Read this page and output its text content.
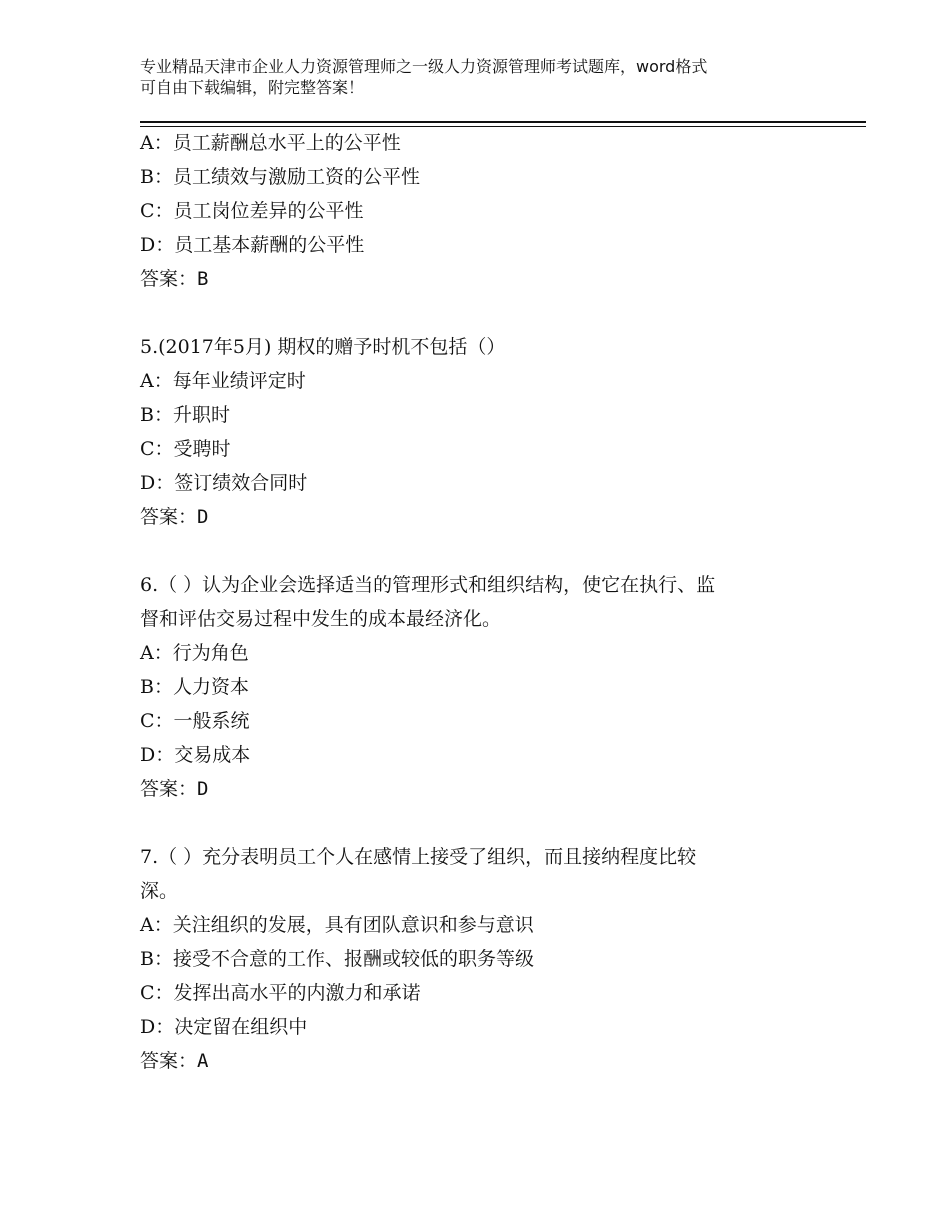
专业精品天津市企业人力资源管理师之一级人力资源管理师考试题库，word格式
可自由下载编辑，附完整答案！
A：员工薪酬总水平上的公平性
B：员工绩效与激励工资的公平性
C：员工岗位差异的公平性
D：员工基本薪酬的公平性
答案：B
5.(2017年5月) 期权的赠予时机不包括（）
A：每年业绩评定时
B：升职时
C：受聘时
D：签订绩效合同时
答案：D
6.（ ）认为企业会选择适当的管理形式和组织结构，使它在执行、监
督和评估交易过程中发生的成本最经济化。
A：行为角色
B：人力资本
C：一般系统
D：交易成本
答案：D
7.（ ）充分表明员工个人在感情上接受了组织，而且接纳程度比较
深。
A：关注组织的发展，具有团队意识和参与意识
B：接受不合意的工作、报酬或较低的职务等级
C：发挥出高水平的内激力和承诺
D：决定留在组织中
答案：A
